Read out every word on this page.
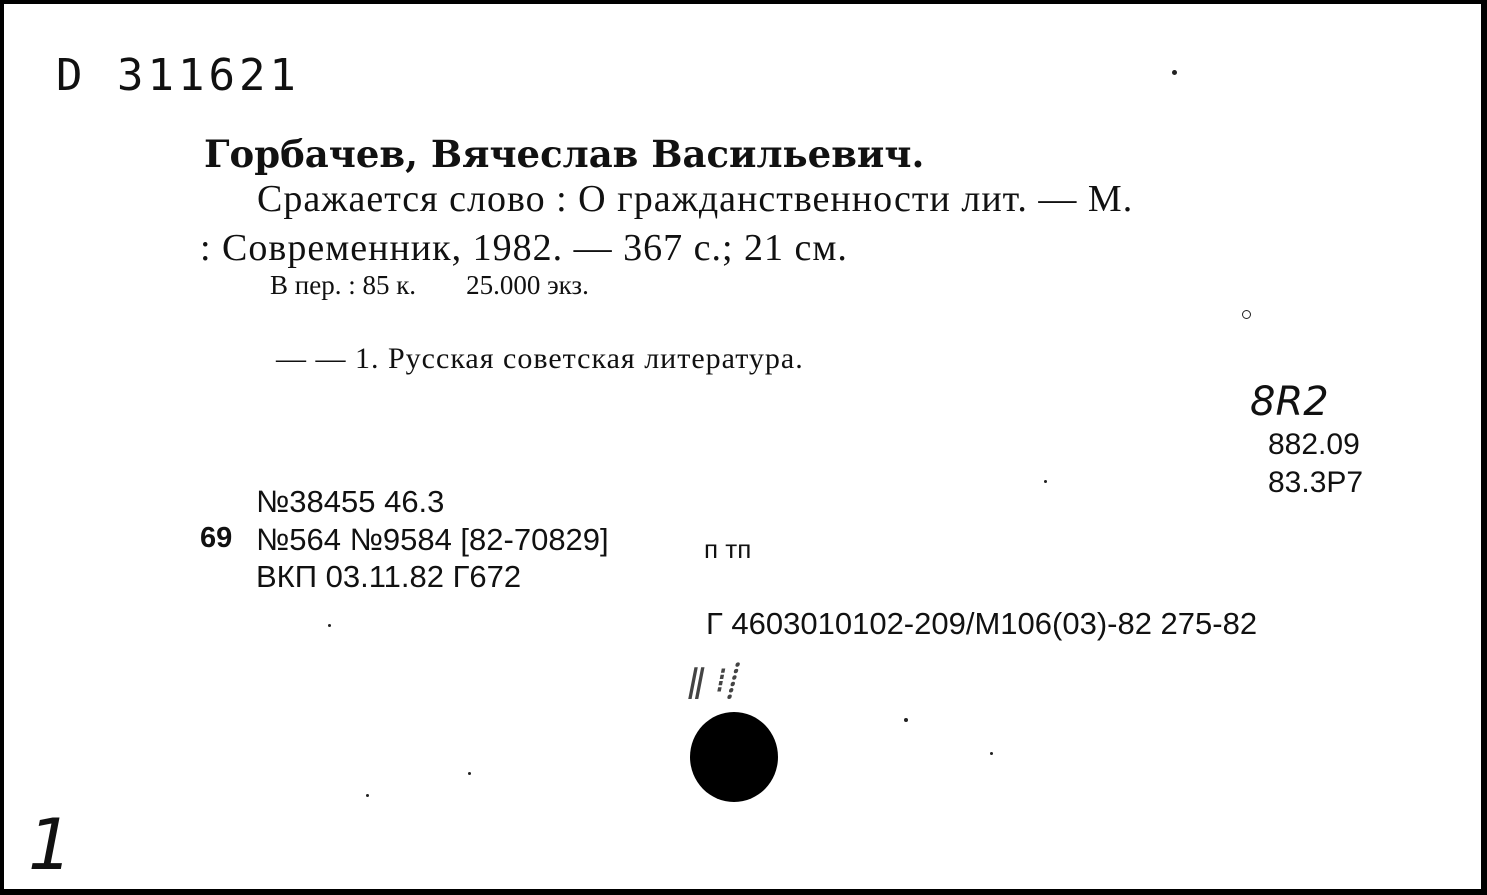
D 311621
Горбачев, Вячеслав Васильевич.
Сражается слово : О гражданственности лит. — М.
: Современник, 1982. — 367 с.; 21 см.
В пер. : 85 к. 25.000 экз.
— — 1. Русская советская литература.
8R2
882.09
83.3Р7
№38455 46.3
69 №564 №9584 [82-70829]	п тп
ВКП 03.11.82 Г672
Г 4603010102-209/М106(03)-82 275-82
ǁ ⁞⸽
1
